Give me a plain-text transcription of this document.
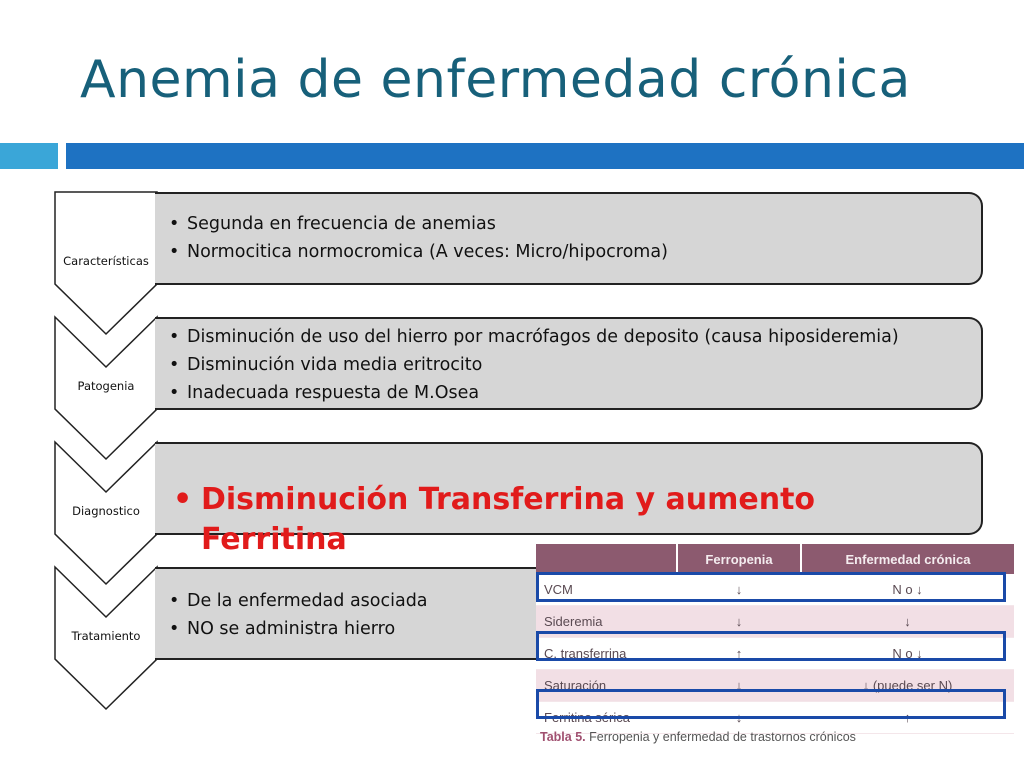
Anemia de enfermedad crónica
Características
• Segunda en frecuencia de anemias
• Normocitica normocromica (A veces: Micro/hipocroma)
Patogenia
• Disminución de uso del hierro por macrófagos de deposito (causa hiposideremia)
• Disminución vida media eritrocito
• Inadecuada respuesta de M.Osea
Diagnostico	• Disminución Transferrina y aumento Ferritina
Tratamiento
• De la enfermedad asociada
• NO se administra hierro
	Ferropenia	Enfermedad crónica
VCM	↓	N o ↓
Sideremia	↓	↓
C. transferrina	↑	N o ↓
Saturación	↓	↓ (puede ser N)
Ferritina sérica	↓	↑
Tabla 5. Ferropenia y enfermedad de trastornos crónicos
